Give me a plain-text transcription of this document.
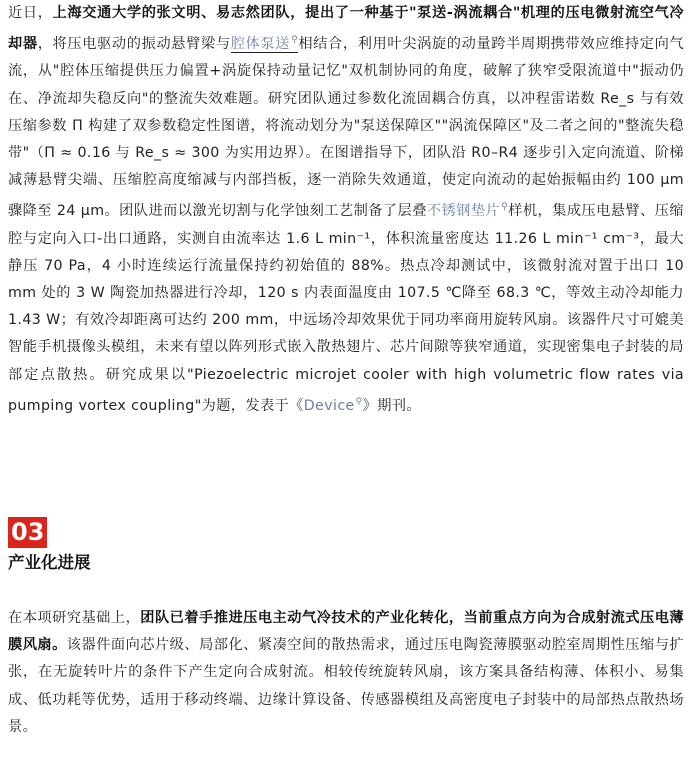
近日，上海交通大学的张文明、易志然团队，提出了一种基于"泵送-涡流耦合"机理的压电微射流空气冷却器，将压电驱动的振动悬臂梁与腔体泵送⚲相结合，利用叶尖涡旋的动量跨半周期携带效应维持定向气流，从"腔体压缩提供压力偏置+涡旋保持动量记忆"双机制协同的角度，破解了狭窄受限流道中"振动仍在、净流却失稳反向"的整流失效难题。研究团队通过参数化流固耦合仿真，以冲程雷诺数 Re_s 与有效压缩参数 Π 构建了双参数稳定性图谱，将流动划分为"泵送保障区""涡流保障区"及二者之间的"整流失稳带"（Π ≈ 0.16 与 Re_s ≈ 300 为实用边界）。在图谱指导下，团队沿 R0–R4 逐步引入定向流道、阶梯减薄悬臂尖端、压缩腔高度缩减与内部挡板，逐一消除失效通道，使定向流动的起始振幅由约 100 μm 骤降至 24 μm。团队进而以激光切割与化学蚀刻工艺制备了层叠不锈钢垫片⚲样机，集成压电悬臂、压缩腔与定向入口-出口通路，实测自由流率达 1.6 L min⁻¹，体积流量密度达 11.26 L min⁻¹ cm⁻³，最大静压 70 Pa，4 小时连续运行流量保持约初始值的 88%。热点冷却测试中，该微射流对置于出口 10 mm 处的 3 W 陶瓷加热器进行冷却，120 s 内表面温度由 107.5 ℃降至 68.3 ℃，等效主动冷却能力 1.43 W；有效冷却距离可达约 200 mm，中远场冷却效果优于同功率商用旋转风扇。该器件尺寸可媲美智能手机摄像头模组，未来有望以阵列形式嵌入散热翅片、芯片间隙等狭窄通道，实现密集电子封装的局部定点散热。研究成果以"Piezoelectric microjet cooler with high volumetric flow rates via pumping vortex coupling"为题，发表于《Device⚲》期刊。

03
产业化进展

在本项研究基础上，团队已着手推进压电主动气冷技术的产业化转化，当前重点方向为合成射流式压电薄膜风扇。该器件面向芯片级、局部化、紧凑空间的散热需求，通过压电陶瓷薄膜驱动腔室周期性压缩与扩张，在无旋转叶片的条件下产生定向合成射流。相较传统旋转风扇，该方案具备结构薄、体积小、易集成、低功耗等优势，适用于移动终端、边缘计算设备、传感器模组及高密度电子封装中的局部热点散热场景。
